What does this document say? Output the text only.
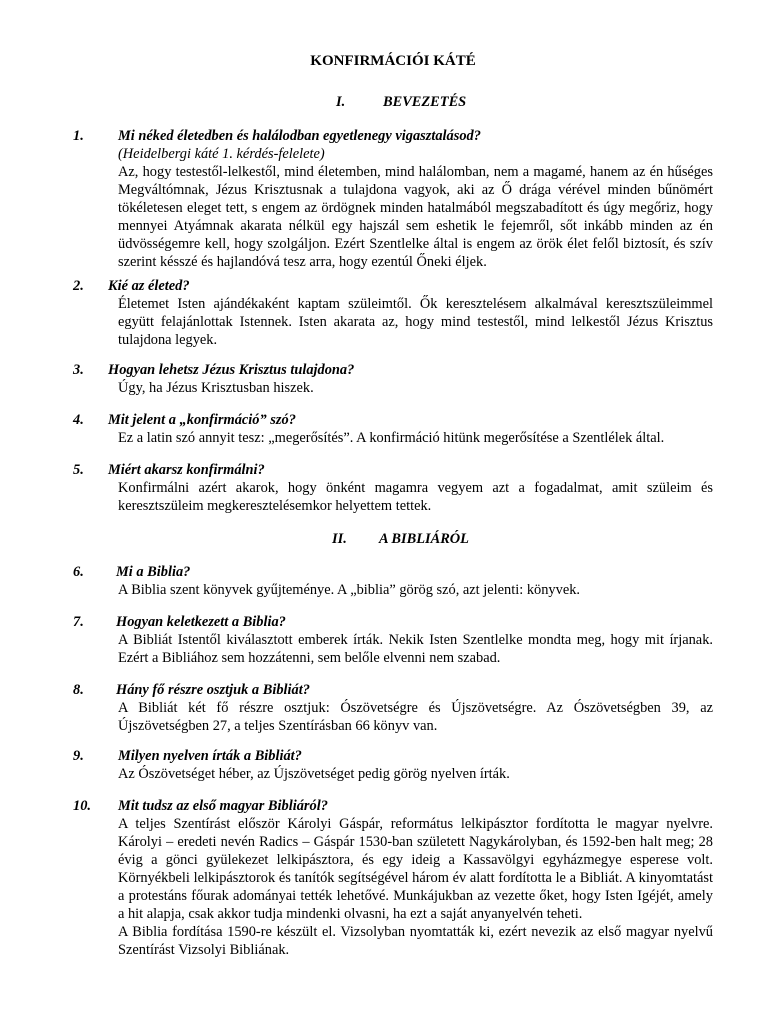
KONFIRMÁCIÓI KÁTÉ
I.	BEVEZETÉS
1. Mi néked életedben és halálodban egyetlenegy vigasztalásod?

(Heidelbergi káté 1. kérdés-felelete)

Az, hogy testestől-lelkestől, mind életemben, mind halálomban, nem a magamé, hanem az én hűséges Megváltómnak, Jézus Krisztusnak a tulajdona vagyok, aki az Ő drága vérével minden bűnömért tökéletesen eleget tett, s engem az ördögnek minden hatalmából megszabadított és úgy megőriz, hogy mennyei Atyámnak akarata nélkül egy hajszál sem eshetik le fejemről, sőt inkább minden az én üdvösségemre kell, hogy szolgáljon. Ezért Szentlelke által is engem az örök élet felől biztosít, és szív szerint késszé és hajlandóvá tesz arra, hogy ezentúl Őneki éljek.

2. Kié az életed?

Életemet Isten ajándékaként kaptam szüleimtől. Ők keresztelésem alkalmával keresztszüleimmel együtt felajánlottak Istennek. Isten akarata az, hogy mind testestől, mind lelkestől Jézus Krisztus tulajdona legyek.

3. Hogyan lehetsz Jézus Krisztus tulajdona?

Úgy, ha Jézus Krisztusban hiszek.

4. Mit jelent a „konfirmáció” szó?

Ez a latin szó annyit tesz: „megerősítés”. A konfirmáció hitünk megerősítése a Szentlélek által.

5. Miért akarsz konfirmálni?

Konfirmálni azért akarok, hogy önként magamra vegyem azt a fogadalmat, amit szüleim és keresztszüleim megkeresztelésemkor helyettem tettek.

II. A BIBLIÁRÓL
6. Mi a Biblia?

A Biblia szent könyvek gyűjteménye. A „biblia” görög szó, azt jelenti: könyvek.

7. Hogyan keletkezett a Biblia?

A Bibliát Istentől kiválasztott emberek írták. Nekik Isten Szentlelke mondta meg, hogy mit írjanak. Ezért a Bibliához sem hozzátenni, sem belőle elvenni nem szabad.

8. Hány fő részre osztjuk a Bibliát?

A Bibliát két fő részre osztjuk: Ószövetségre és Újszövetségre. Az Ószövetségben 39, az Újszövetségben 27, a teljes Szentírásban 66 könyv van.

9. Milyen nyelven írták a Bibliát?

Az Ószövetséget héber, az Újszövetséget pedig görög nyelven írták.

10. Mit tudsz az első magyar Bibliáról?

A teljes Szentírást először Károlyi Gáspár, református lelkipásztor fordította le magyar nyelvre. Károlyi – eredeti nevén Radics – Gáspár 1530-ban született Nagykárolyban, és 1592-ben halt meg; 28 évig a gönci gyülekezet lelkipásztora, és egy ideig a Kassavölgyi egyházmegye esperese volt. Környékbeli lelkipásztorok és tanítók segítségével három év alatt fordította le a Bibliát. A kinyomtatást a protestáns főurak adományai tették lehetővé. Munkájukban az vezette őket, hogy Isten Igéjét, amely a hit alapja, csak akkor tudja mindenki olvasni, ha ezt a saját anyanyelvén teheti.

A Biblia fordítása 1590-re készült el. Vizsolyban nyomtatták ki, ezért nevezik az első magyar nyelvű Szentírást Vizsolyi Bibliának.
